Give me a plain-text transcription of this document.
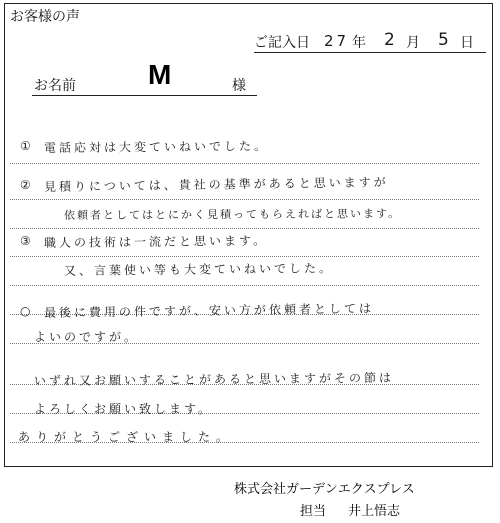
お客様の声
ご記入日 27 年 2 月 5 日
お名前	M	様
① 電話応対は大変ていねいでした。
② 見積りについては、貴社の基準があると思いますが
依頼者としてはとにかく見積ってもらえればと思います。
③ 職人の技術は一流だと思います。
又、言葉使い等も大変ていねいでした。
○ 最後に費用の件ですが、安い方が依頼者としては
よいのですが。
いずれ又お願いすることがあると思いますがその節は
よろしくお願い致します。
ありがとうございました。
株式会社ガーデンエクスプレス
担当 井上悟志
